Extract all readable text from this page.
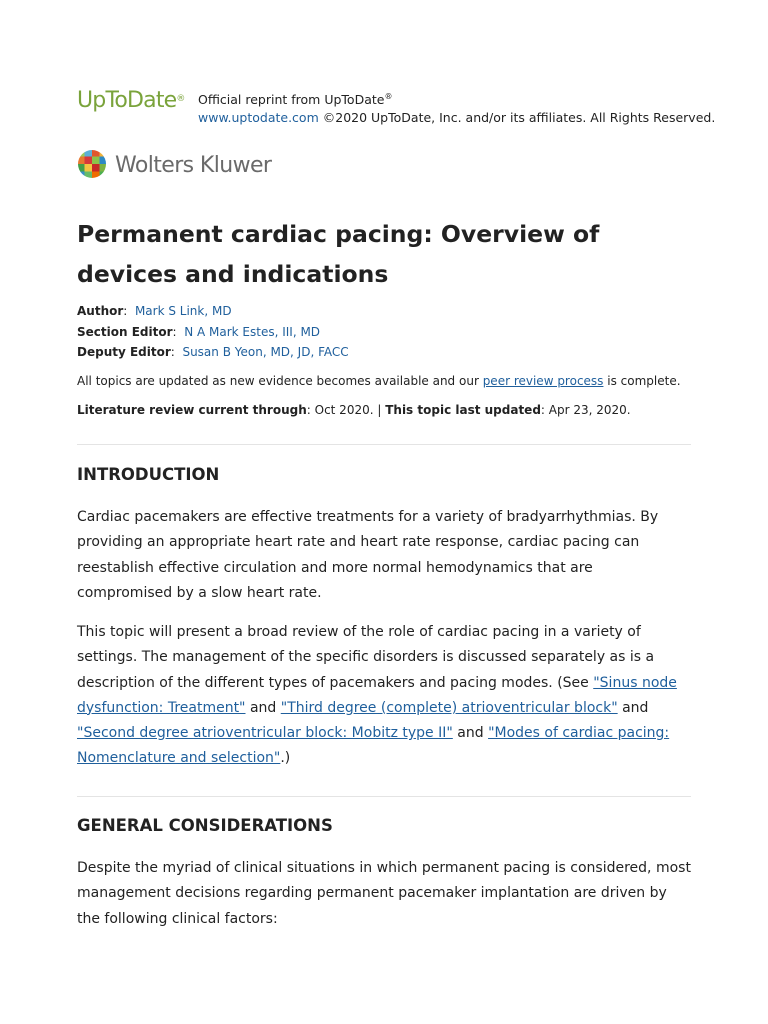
UpToDate® Official reprint from UpToDate®
www.uptodate.com ©2020 UpToDate, Inc. and/or its affiliates. All Rights Reserved.
Wolters Kluwer
Permanent cardiac pacing: Overview of devices and indications
Author:  Mark S Link, MD
Section Editor:  N A Mark Estes, III, MD
Deputy Editor:  Susan B Yeon, MD, JD, FACC
All topics are updated as new evidence becomes available and our peer review process is complete.
Literature review current through: Oct 2020. | This topic last updated: Apr 23, 2020.
INTRODUCTION

Cardiac pacemakers are effective treatments for a variety of bradyarrhythmias. By providing an appropriate heart rate and heart rate response, cardiac pacing can reestablish effective circulation and more normal hemodynamics that are compromised by a slow heart rate.

This topic will present a broad review of the role of cardiac pacing in a variety of settings. The management of the specific disorders is discussed separately as is a description of the different types of pacemakers and pacing modes. (See "Sinus node dysfunction: Treatment" and "Third degree (complete) atrioventricular block" and "Second degree atrioventricular block: Mobitz type II" and "Modes of cardiac pacing: Nomenclature and selection".)

GENERAL CONSIDERATIONS

Despite the myriad of clinical situations in which permanent pacing is considered, most management decisions regarding permanent pacemaker implantation are driven by the following clinical factors:
